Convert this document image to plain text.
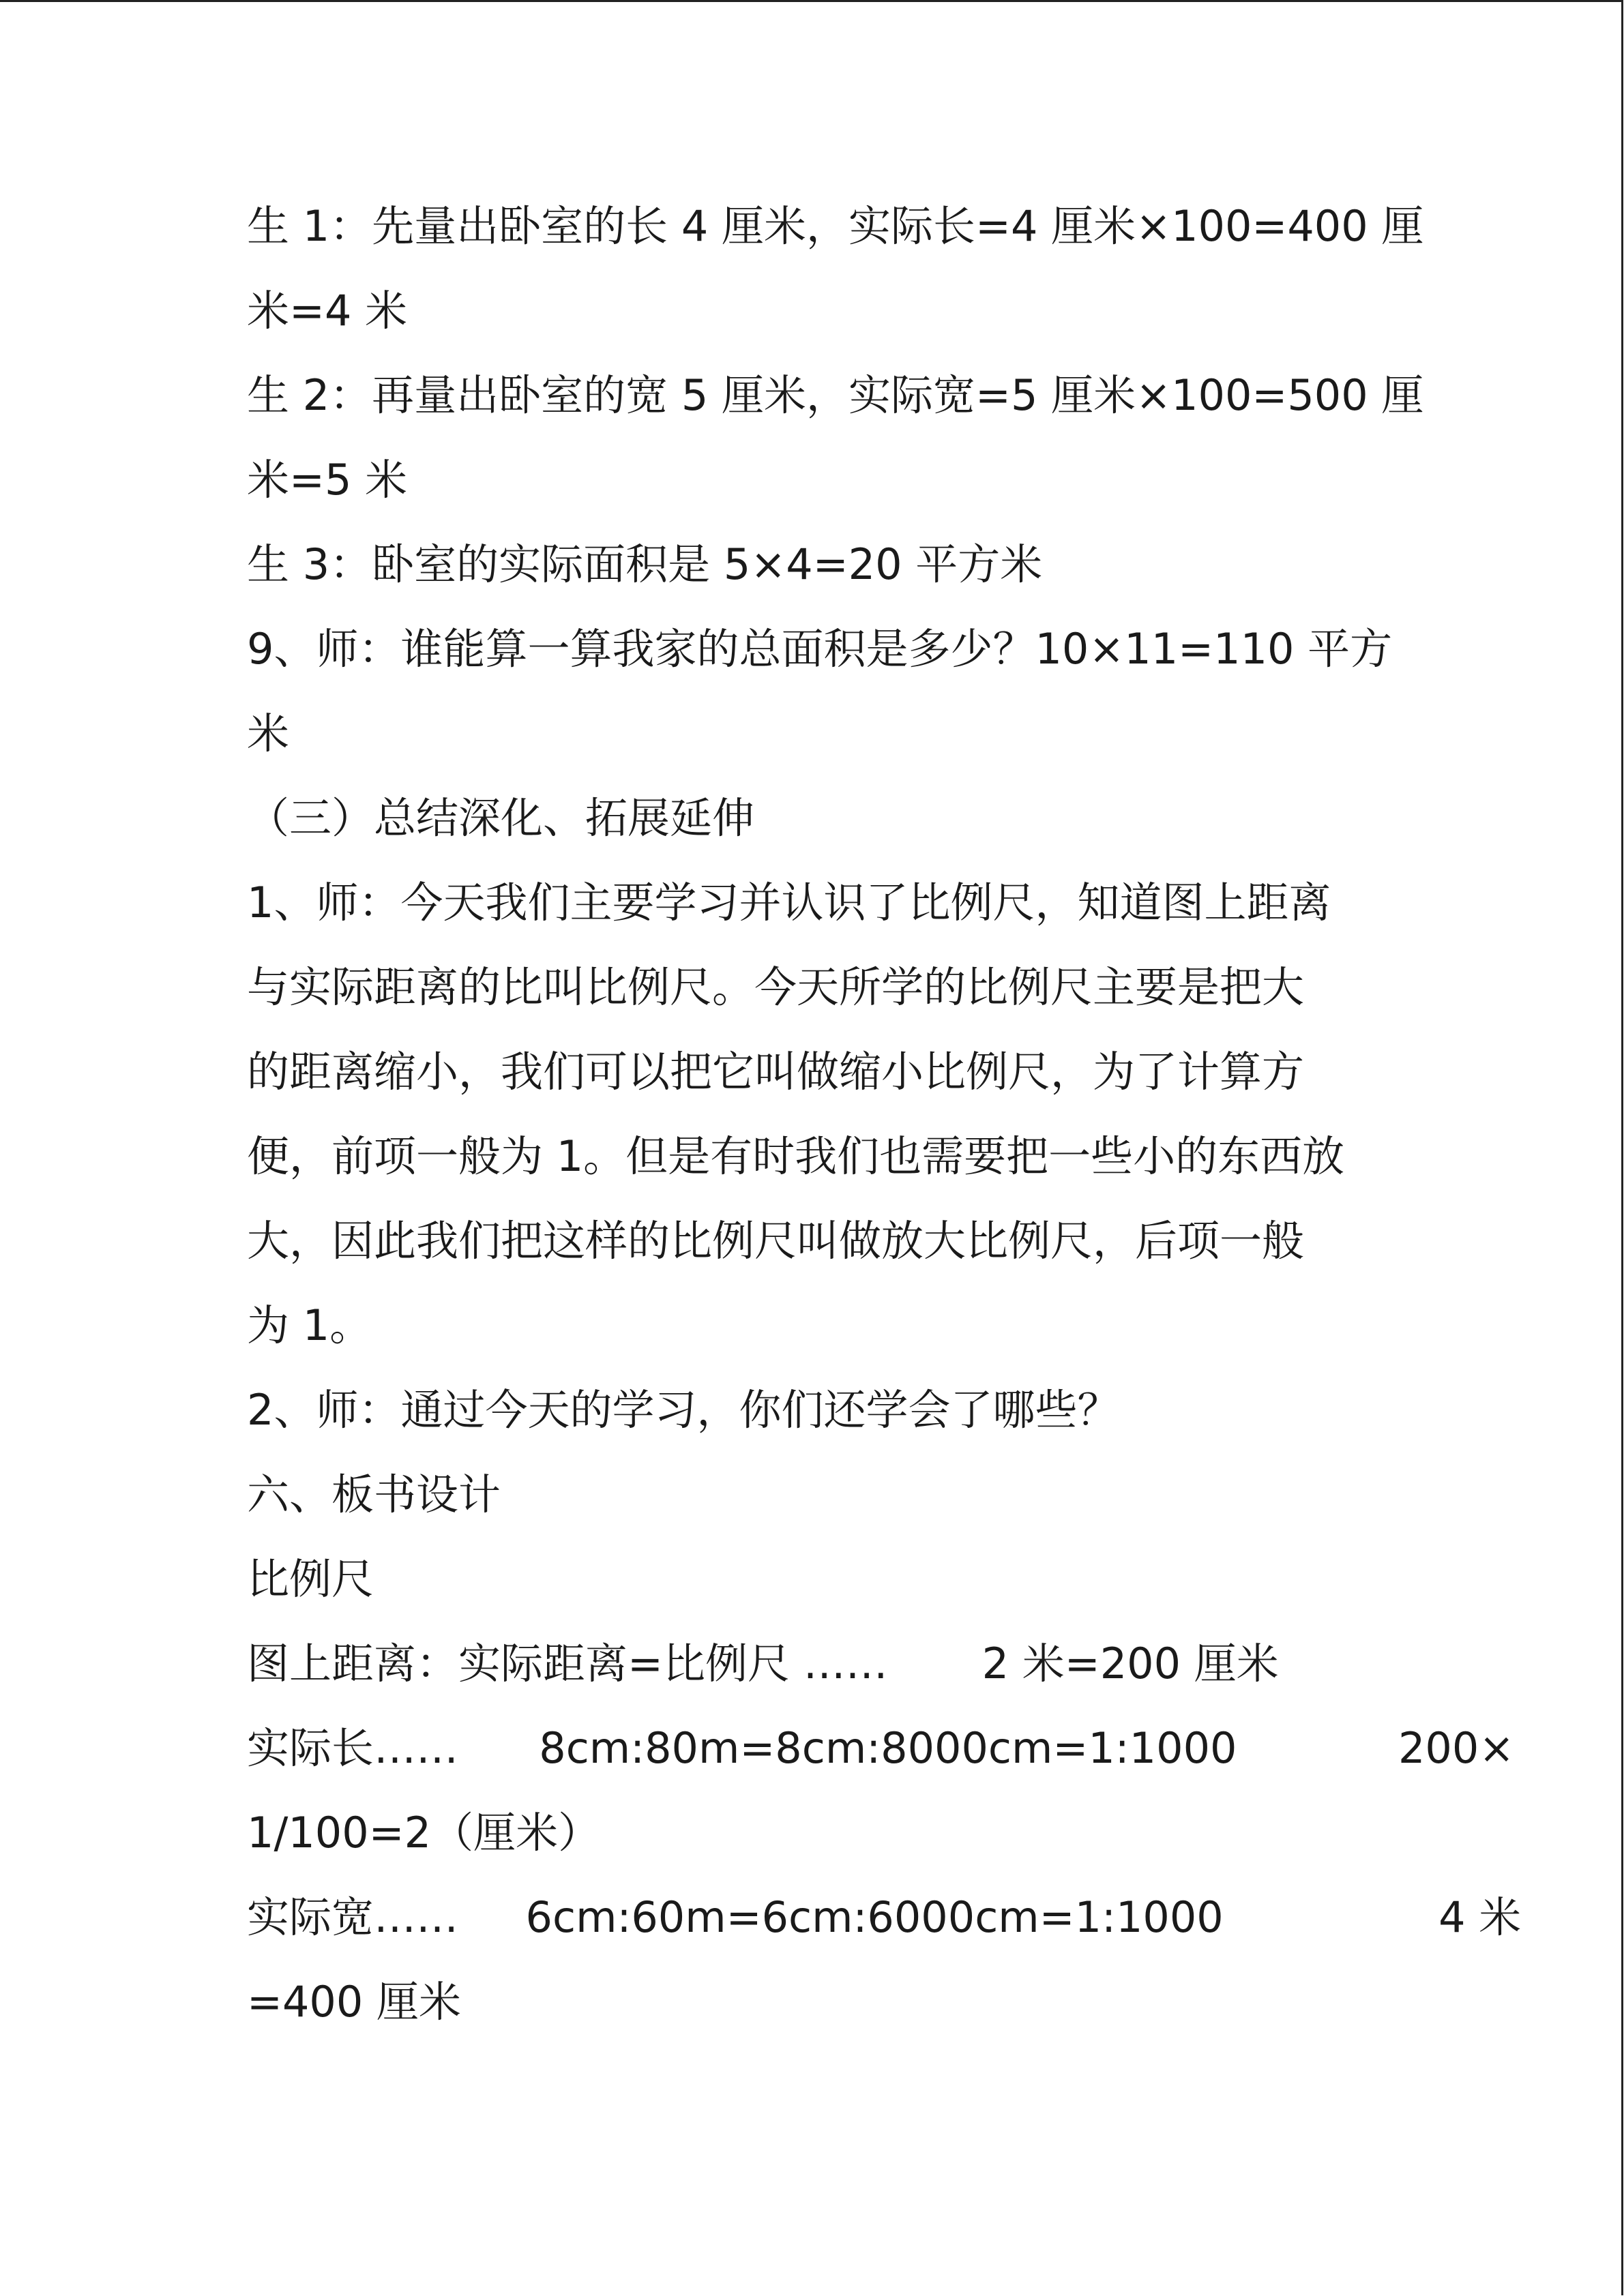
生 1：先量出卧室的长 4 厘米，实际长=4 厘米×100=400 厘
米=4 米
生 2：再量出卧室的宽 5 厘米，实际宽=5 厘米×100=500 厘
米=5 米
生 3：卧室的实际面积是 5×4=20 平方米
9、师：谁能算一算我家的总面积是多少？10×11=110 平方
米
（三）总结深化、拓展延伸
1、师：今天我们主要学习并认识了比例尺，知道图上距离
与实际距离的比叫比例尺。今天所学的比例尺主要是把大
的距离缩小，我们可以把它叫做缩小比例尺，为了计算方
便，前项一般为 1。但是有时我们也需要把一些小的东西放
大，因此我们把这样的比例尺叫做放大比例尺，后项一般
为 1。
2、师：通过今天的学习，你们还学会了哪些？
六、板书设计
比例尺
图上距离：实际距离=比例尺 ……       2 米=200 厘米
实际长……      8cm:80m=8cm:8000cm=1:1000            200×
1/100=2（厘米）
实际宽……     6cm:60m=6cm:6000cm=1:1000                4 米
=400 厘米
